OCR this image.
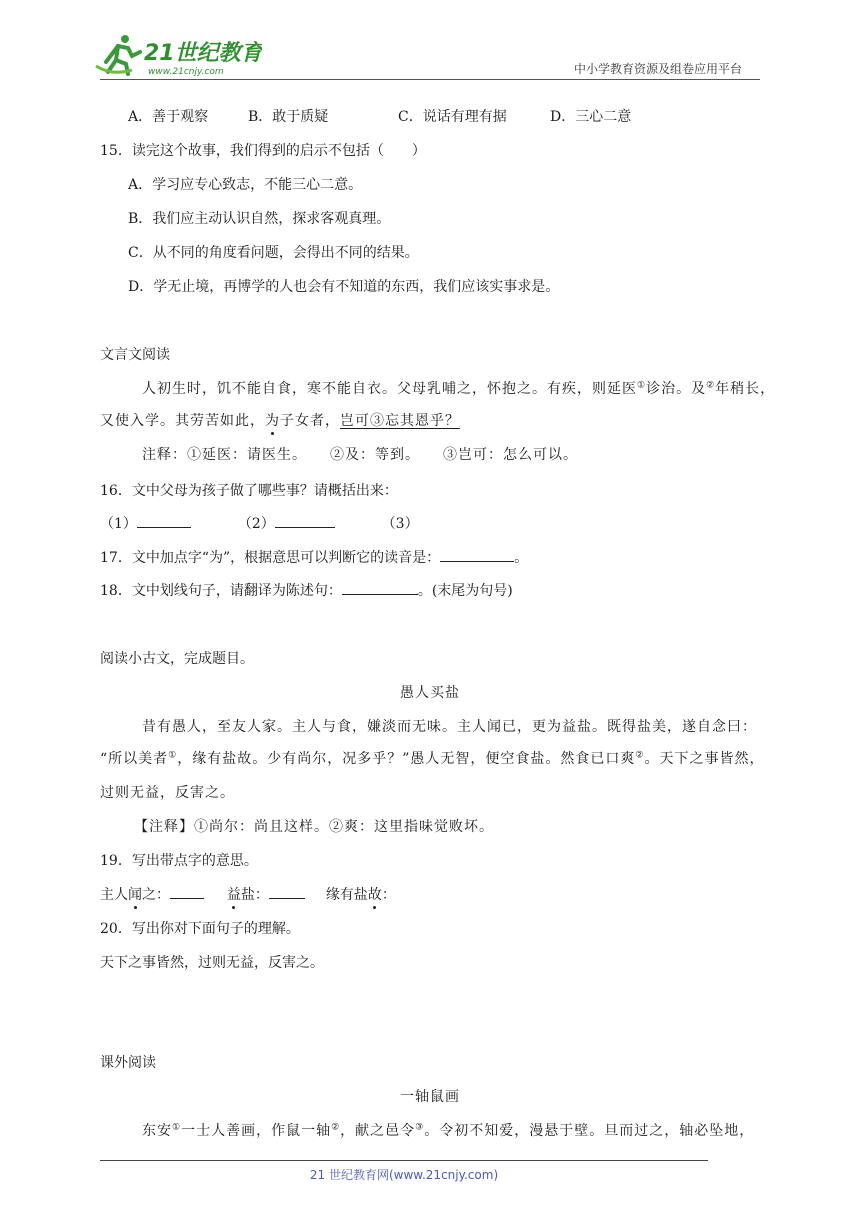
21世纪教育
www.21cnjy.com	中小学教育资源及组卷应用平台
A．善于观察	B．敢于质疑	C．说话有理有据	D．三心二意
15．读完这个故事，我们得到的启示不包括（　　）
A．学习应专心致志，不能三心二意。
B．我们应主动认识自然，探求客观真理。
C．从不同的角度看问题，会得出不同的结果。
D．学无止境，再博学的人也会有不知道的东西，我们应该实事求是。
文言文阅读
人初生时，饥不能自食，寒不能自衣。父母乳哺之，怀抱之。有疾，则延医①诊治。及②年稍长，
又使入学。其劳苦如此，为子女者，岂可③忘其恩乎？
注释：①延医：请医生。　　②及：等到。　　③岂可：怎么可以。
16．文中父母为孩子做了哪些事？请概括出来：
（1）	（2）	（3）
17．文中加点字“为”，根据意思可以判断它的读音是：	。
18．文中划线句子，请翻译为陈述句：	。(末尾为句号)
阅读小古文，完成题目。
愚人买盐
昔有愚人，至友人家。主人与食，嫌淡而无味。主人闻已，更为益盐。既得盐美，遂自念曰：
“所以美者①，缘有盐故。少有尚尔，况多乎？”愚人无智，便空食盐。然食已口爽②。天下之事皆然，
过则无益，反害之。
【注释】①尚尔：尚且这样。②爽：这里指味觉败坏。
19．写出带点字的意思。
主人闻之：	益盐：	缘有盐故：
20．写出你对下面句子的理解。
天下之事皆然，过则无益，反害之。
课外阅读
一轴鼠画
东安①一士人善画，作鼠一轴②，献之邑令③。令初不知爱，漫悬于壁。旦而过之，轴必坠地，
21 世纪教育网(www.21cnjy.com)
